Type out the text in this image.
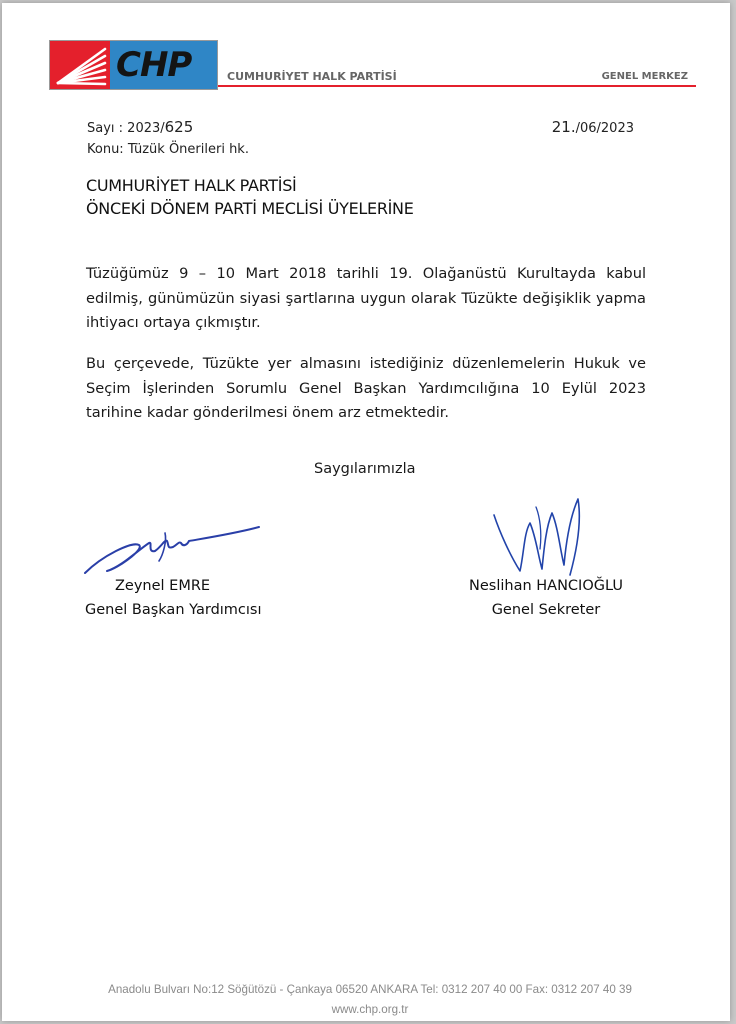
CHP	CUMHURİYET HALK PARTİSİ	GENEL MERKEZ
Sayı : 2023/625
Konu: Tüzük Önerileri hk.
21./06/2023
CUMHURİYET HALK PARTİSİ
ÖNCEKİ DÖNEM PARTİ MECLİSİ ÜYELERİNE
Tüzüğümüz 9 – 10 Mart 2018 tarihli 19. Olağanüstü Kurultayda kabul edilmiş, günümüzün siyasi şartlarına uygun olarak Tüzükte değişiklik yapma ihtiyacı ortaya çıkmıştır.
Bu çerçevede, Tüzükte yer almasını istediğiniz düzenlemelerin Hukuk ve Seçim İşlerinden Sorumlu Genel Başkan Yardımcılığına 10 Eylül 2023 tarihine kadar gönderilmesi önem arz etmektedir.
Saygılarımızla
Zeynel EMRE
Genel Başkan Yardımcısı
Neslihan HANCIOĞLU
Genel Sekreter
Anadolu Bulvarı No:12 Söğütözü - Çankaya 06520 ANKARA Tel: 0312 207 40 00 Fax: 0312 207 40 39
www.chp.org.tr
